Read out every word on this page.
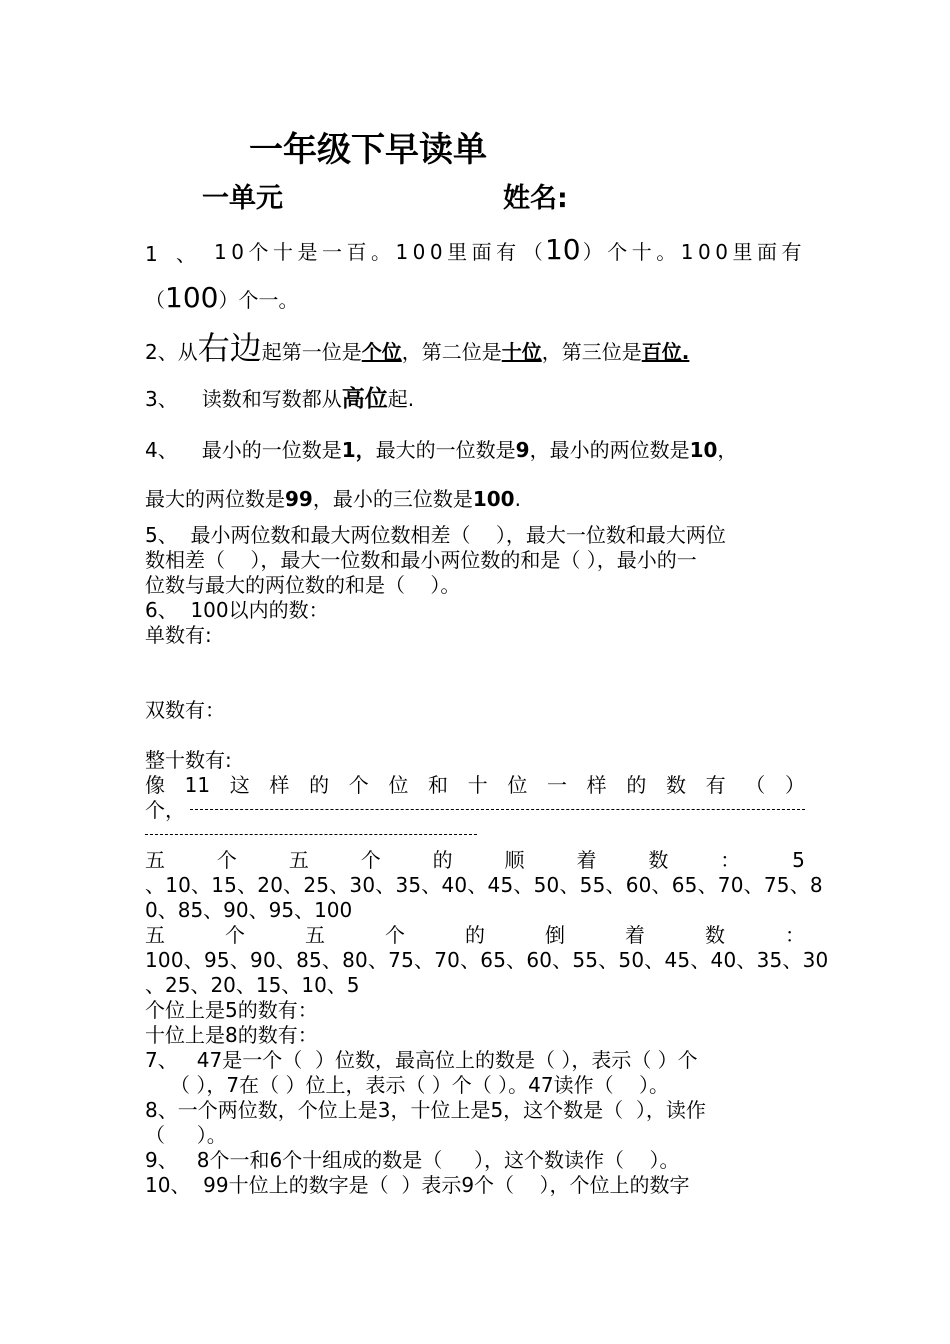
一年级下早读单
一单元	姓名:
1 、 10个十是一百。100里面有 （ 10 ）个十。100里面有
（ 100 ）个一。
2、从 右边 起第一位是 个位 ，第二位是 十位 ，第三位是 百位.
3、 读数和写数都从 高位 起.
4、 最小的一位数是 1， 最大的一位数是 9 ，最小的两位数是 10 ，
最大的两位数是 99 ，最小的三位数是 100 .
5、  最小两位数和最大两位数相差（    ），最大一位数和最大两位
数相差（    ），最大一位数和最小两位数的和是（ ），最小的一
位数与最大的两位数的和是（    ）。
6、  100以内的数：
单数有:
双数有：
整十数有:
像 11 这 样 的 个 位 和 十 位 一 样 的 数 有 （ ）
个，
五	个	五	个	的	顺	着	数	：	5
、10、15、20、25、30、35、40、45、50、55、60、65、70、75、8
0、85、90、95、100
五	个	五	个	的	倒	着	数	：
100、95、90、85、80、75、70、65、60、55、50、45、40、35、30
、25、20、15、10、5
个位上是5的数有：
十位上是8的数有：
7、   47是一个（  ）位数，最高位上的数是（ ），表示（ ）个
（ ），7在（ ）位上，表示（ ）个（ ）。47读作（    ）。
8、一个两位数，个位上是3，十位上是5，这个数是（  ），读作
（     ）。
9、   8个一和6个十组成的数是（     ），这个数读作（    ）。
10、  99十位上的数字是（  ）表示9个（    ），个位上的数字
